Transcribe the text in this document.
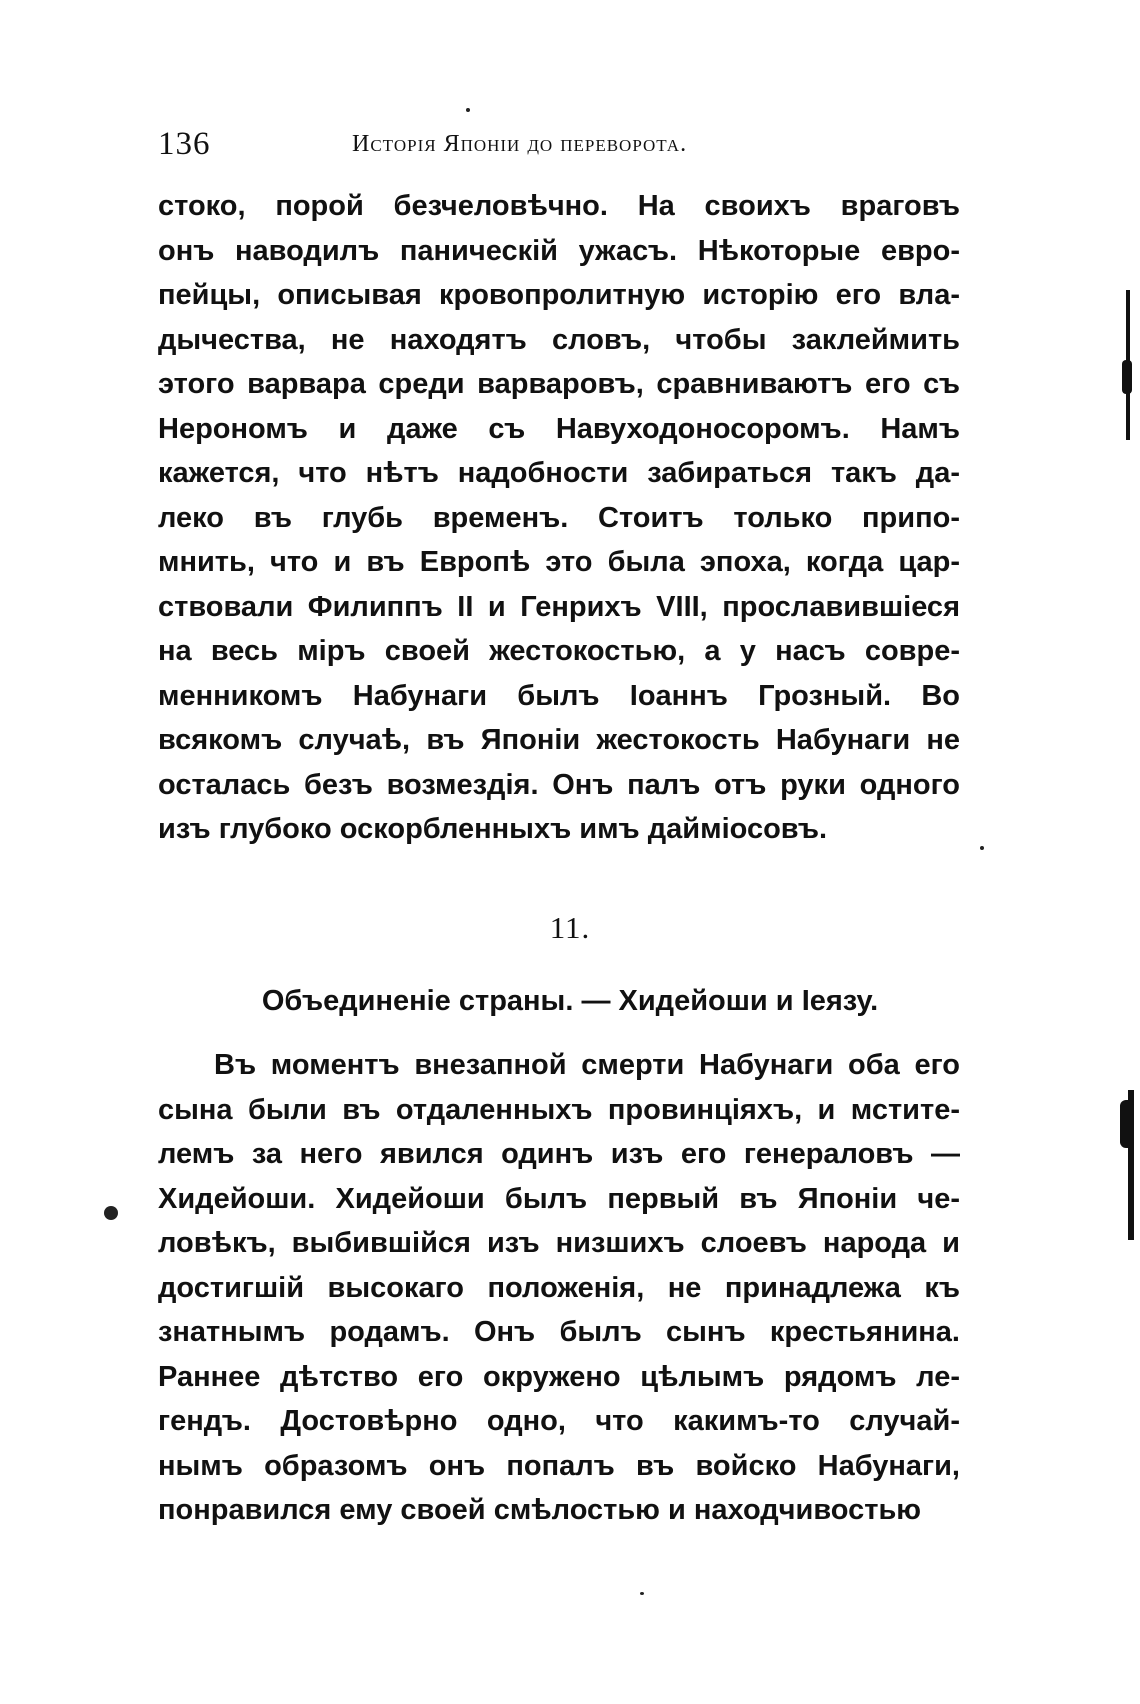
136	Исторія Японіи до переворота.
стоко, порой безчеловѣчно. На своихъ враговъ
онъ наводилъ паническій ужасъ. Нѣкоторые евро-
пейцы, описывая кровопролитную исторію его вла-
дычества, не находятъ словъ, чтобы заклеймить
этого варвара среди варваровъ, сравниваютъ его съ
Нерономъ и даже съ Навуходоносоромъ. Намъ
кажется, что нѣтъ надобности забираться такъ да-
леко въ глубь временъ. Стоитъ только припо-
мнить, что и въ Европѣ это была эпоха, когда цар-
ствовали Филиппъ II и Генрихъ VIII, прославившіеся
на весь міръ своей жестокостью, а у насъ совре-
менникомъ Набунаги былъ Іоаннъ Грозный. Во
всякомъ случаѣ, въ Японіи жестокость Набунаги не
осталась безъ возмездія. Онъ палъ отъ руки одного
изъ глубоко оскорбленныхъ имъ даймiосовъ.
11.
Объединеніе страны. — Хидейоши и Іеязу.
Въ моментъ внезапной смерти Набунаги оба его
сына были въ отдаленныхъ провинціяхъ, и мстите-
лемъ за него явился одинъ изъ его генераловъ —
Хидейоши. Хидейоши былъ первый въ Японіи че-
ловѣкъ, выбившійся изъ низшихъ слоевъ народа и
достигшій высокаго положенія, не принадлежа къ
знатнымъ родамъ. Онъ былъ сынъ крестьянина.
Раннее дѣтство его окружено цѣлымъ рядомъ ле-
гендъ. Достовѣрно одно, что какимъ-то случай-
нымъ образомъ онъ попалъ въ войско Набунаги,
понравился ему своей смѣлостью и находчивостью
